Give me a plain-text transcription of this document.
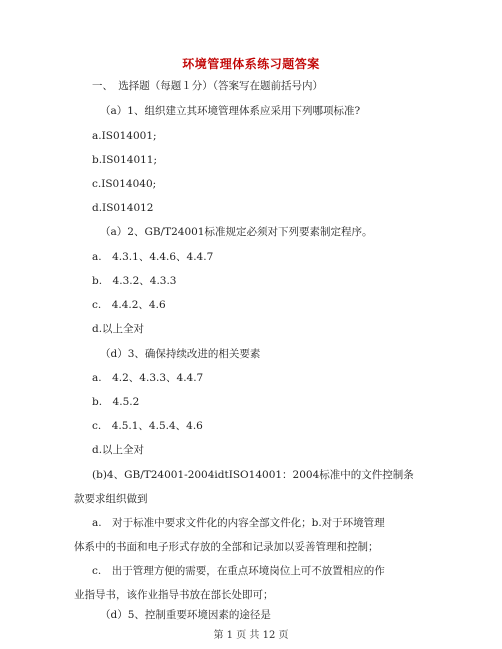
环境管理体系练习题答案
一、　选择题（每题１分）（答案写在题前括号内）
（a）1、组织建立其环境管理体系应采用下列哪项标准?
a.IS014001;
b.IS014011;
c.IS014040;
d.IS014012
（a）2、GB/T24001标准规定必须对下列要素制定程序。
a.　4.3.1、4.4.6、4.4.7
b.　4.3.2、4.3.3
c.　4.4.2、4.6
d.以上全对
（d）3、确保持续改进的相关要素
a.　4.2、4.3.3、4.4.7
b.　4.5.2
c.　4.5.1、4.5.4、4.6
d.以上全对
(b)4、GB/T24001-2004idtISO14001：2004标准中的文件控制条
款要求组织做到
a.　对于标准中要求文件化的内容全部文件化；b.对于环境管理
体系中的书面和电子形式存放的全部和记录加以妥善管理和控制；
c.　出于管理方便的需要，在重点环境岗位上可不放置相应的作
业指导书，该作业指导书放在部长处即可；
（d）5、控制重要环境因素的途径是
第 1 页 共 12 页
